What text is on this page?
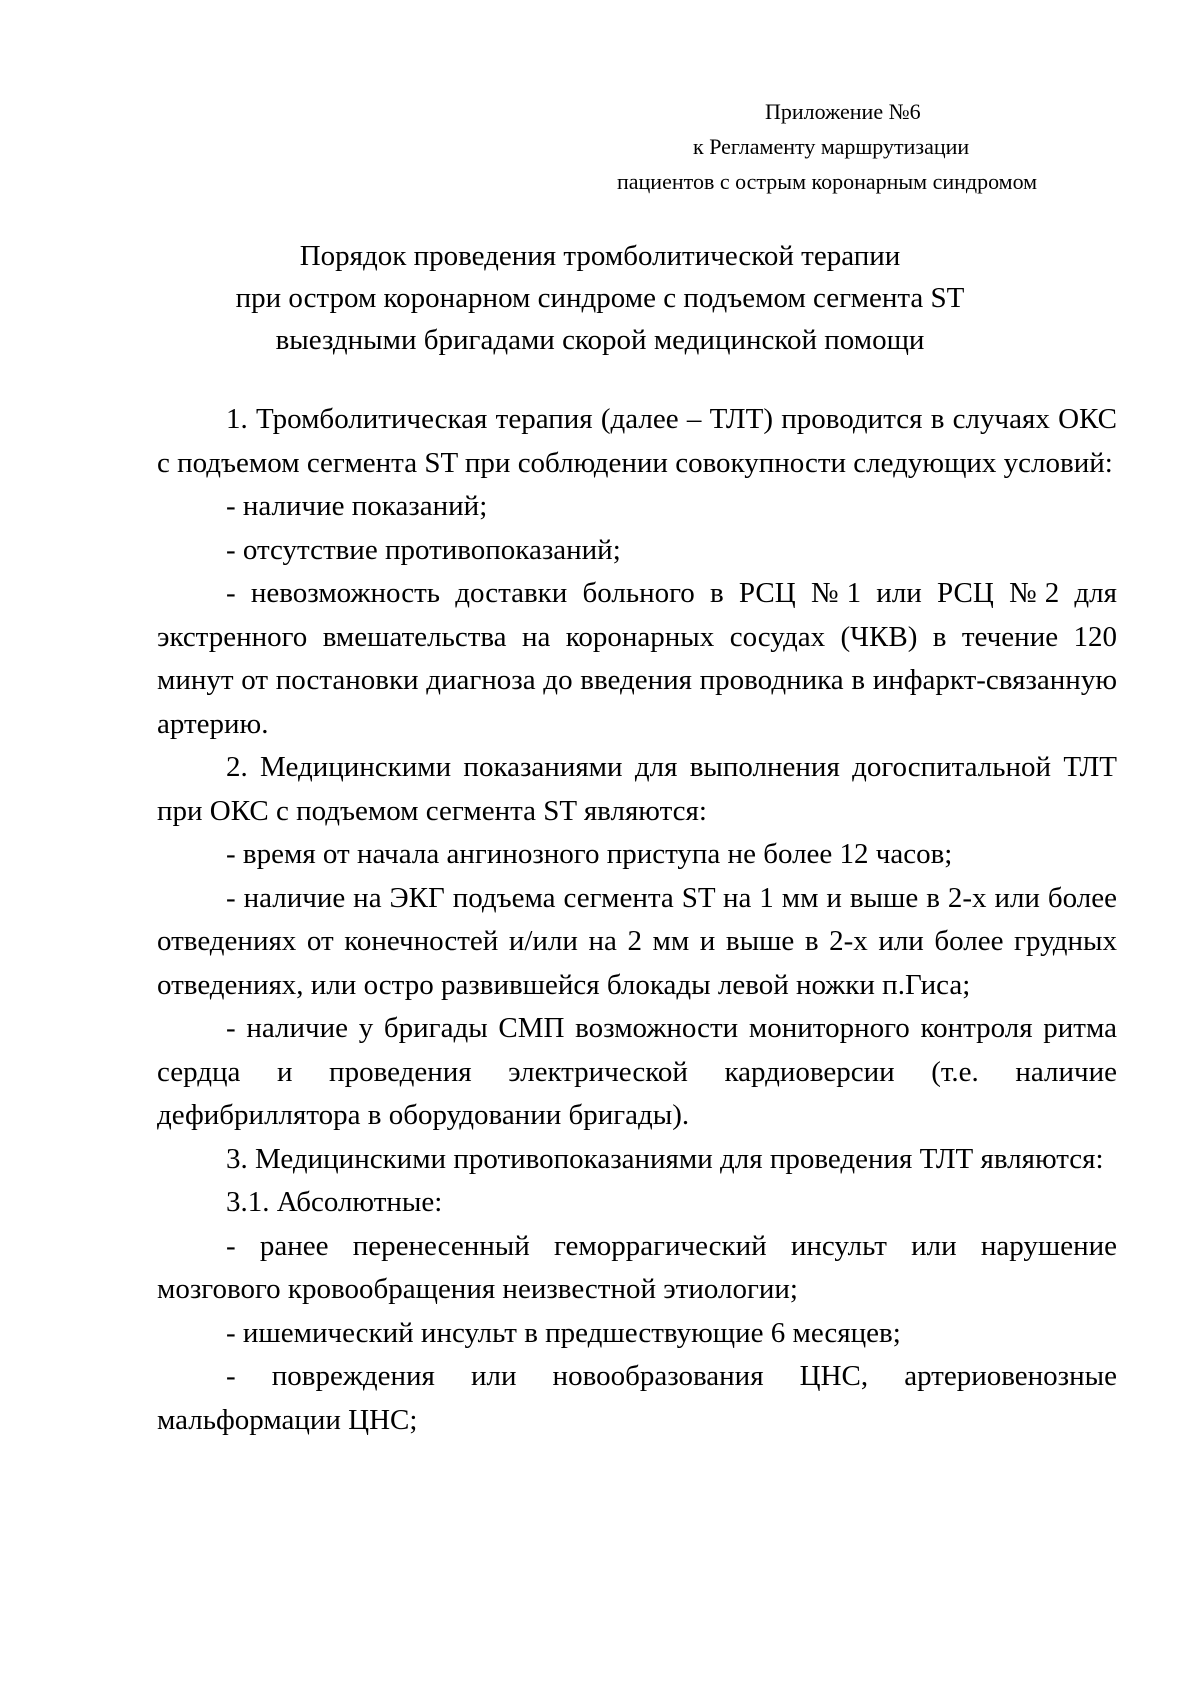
Приложение №6
к Регламенту маршрутизации
пациентов с острым коронарным синдромом
Порядок проведения тромболитической терапии
при остром коронарном синдроме с подъемом сегмента ST
выездными бригадами скорой медицинской помощи

1. Тромболитическая терапия (далее – ТЛТ) проводится в случаях ОКС с подъемом сегмента ST при соблюдении совокупности следующих условий:

- наличие показаний;

- отсутствие противопоказаний;

- невозможность доставки больного в РСЦ №1 или РСЦ №2 для экстренного вмешательства на коронарных сосудах (ЧКВ) в течение 120 минут от постановки диагноза до введения проводника в инфаркт-связанную артерию.

2. Медицинскими показаниями для выполнения догоспитальной ТЛТ при ОКС с подъемом сегмента ST являются:

- время от начала ангинозного приступа не более 12 часов;

- наличие на ЭКГ подъема сегмента ST на 1 мм и выше в 2-х или более отведениях от конечностей и/или на 2 мм и выше в 2-х или более грудных отведениях, или остро развившейся блокады левой ножки п.Гиса;

- наличие у бригады СМП возможности мониторного контроля ритма сердца и проведения электрической кардиоверсии (т.е. наличие дефибриллятора в оборудовании бригады).

3. Медицинскими противопоказаниями для проведения ТЛТ являются:

3.1. Абсолютные:

- ранее перенесенный геморрагический инсульт или нарушение мозгового кровообращения неизвестной этиологии;

- ишемический инсульт в предшествующие 6 месяцев;

- повреждения или новообразования ЦНС, артериовенозные мальформации ЦНС;
